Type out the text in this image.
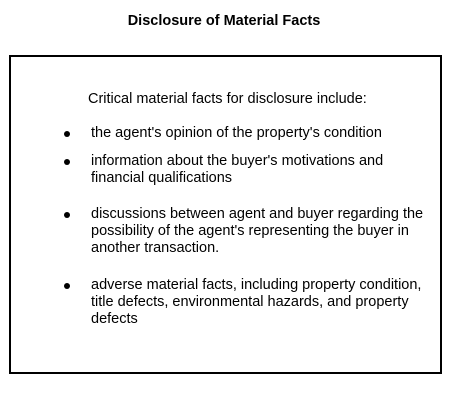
Disclosure of Material Facts

Critical material facts for disclosure include:

the agent's opinion of the property's condition
information about the buyer's motivations and financial qualifications
discussions between agent and buyer regarding the possibility of the agent's representing the buyer in another transaction.
adverse material facts, including property condition, title defects, environmental hazards, and property defects
